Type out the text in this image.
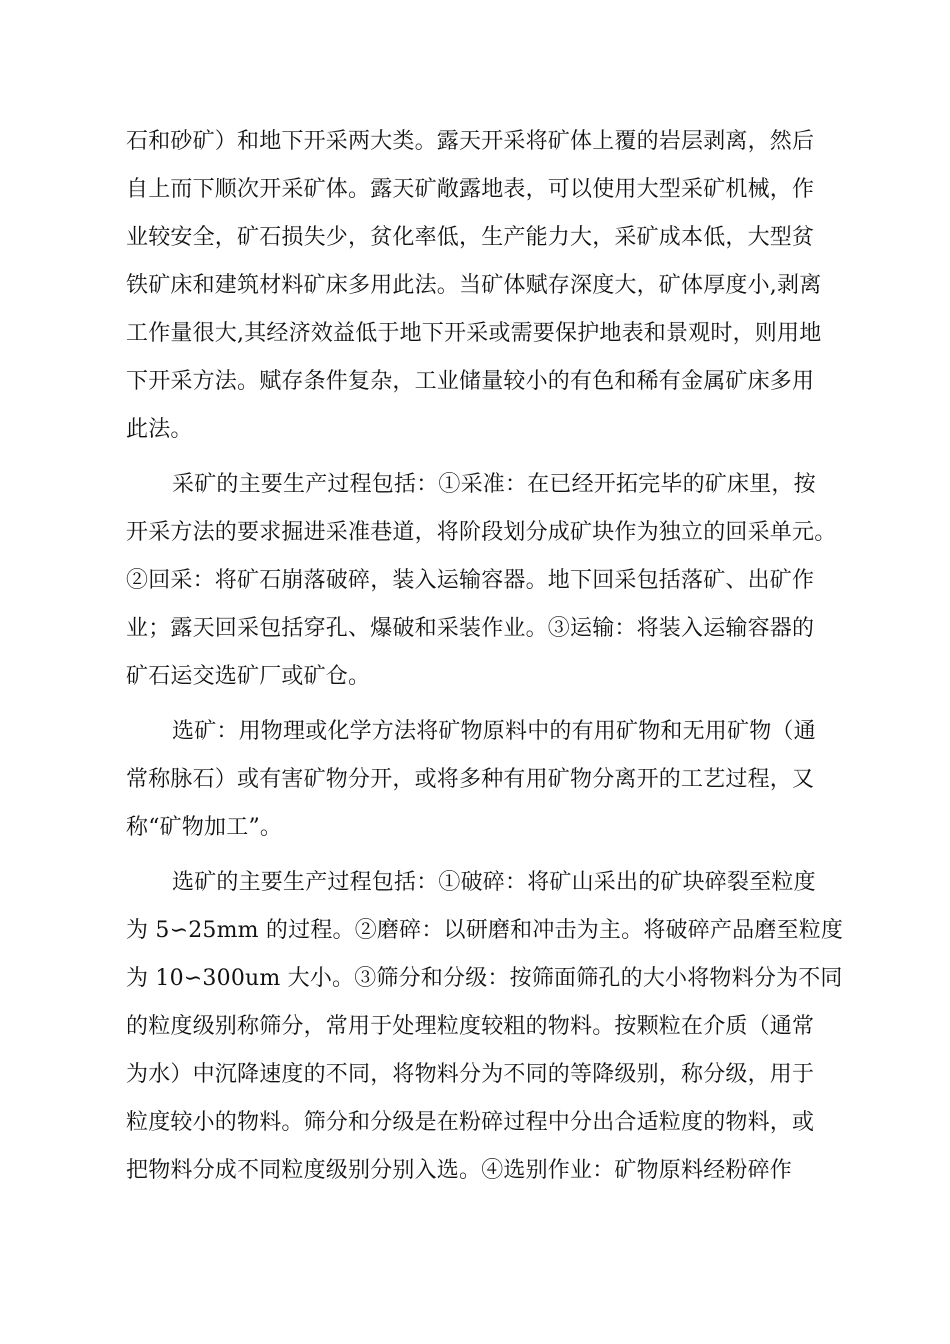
石和砂矿）和地下开采两大类。露天开采将矿体上覆的岩层剥离，然后
自上而下顺次开采矿体。露天矿敞露地表，可以使用大型采矿机械，作
业较安全，矿石损失少，贫化率低，生产能力大，采矿成本低，大型贫
铁矿床和建筑材料矿床多用此法。当矿体赋存深度大，矿体厚度小,剥离
工作量很大,其经济效益低于地下开采或需要保护地表和景观时，则用地
下开采方法。赋存条件复杂，工业储量较小的有色和稀有金属矿床多用
此法。
采矿的主要生产过程包括：①采准：在已经开拓完毕的矿床里，按
开采方法的要求掘进采准巷道，将阶段划分成矿块作为独立的回采单元。
②回采：将矿石崩落破碎，装入运输容器。地下回采包括落矿、出矿作
业；露天回采包括穿孔、爆破和采装作业。③运输：将装入运输容器的
矿石运交选矿厂或矿仓。
选矿：用物理或化学方法将矿物原料中的有用矿物和无用矿物（通
常称脉石）或有害矿物分开，或将多种有用矿物分离开的工艺过程，又
称“矿物加工”。
选矿的主要生产过程包括：①破碎：将矿山采出的矿块碎裂至粒度
为 5∽25mm 的过程。②磨碎：以研磨和冲击为主。将破碎产品磨至粒度
为 10∽300um 大小。③筛分和分级：按筛面筛孔的大小将物料分为不同
的粒度级别称筛分，常用于处理粒度较粗的物料。按颗粒在介质（通常
为水）中沉降速度的不同，将物料分为不同的等降级别，称分级，用于
粒度较小的物料。筛分和分级是在粉碎过程中分出合适粒度的物料，或
把物料分成不同粒度级别分别入选。④选别作业：矿物原料经粉碎作
